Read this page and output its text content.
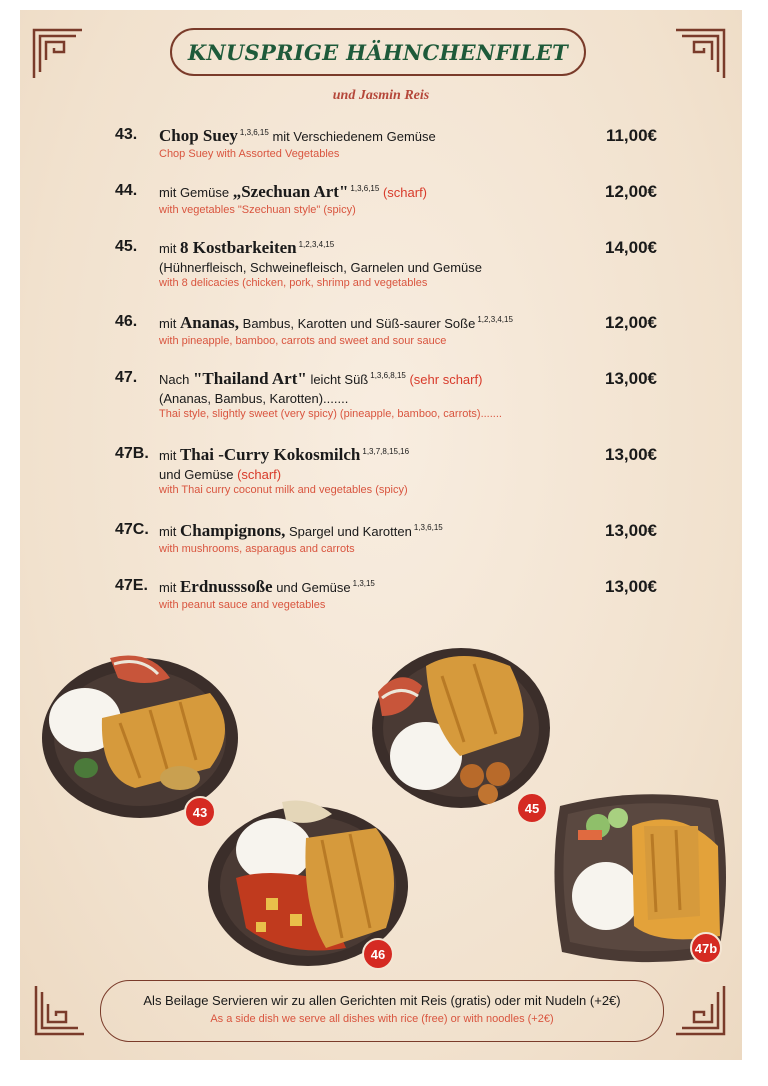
KNUSPRIGE HÄHNCHENFILET
und Jasmin Reis
43. Chop Suey $^{1,3,6,15}$ mit Verschiedenem Gemüse
Chop Suey with Assorted Vegetables
11,00€
44. mit Gemüse „Szechuan Art" $^{1,3,6,15}$ (scharf)
with vegetables "Szechuan style" (spicy)
12,00€
45. mit 8 Kostbarkeiten $^{1,2,3,4,15}$
(Hühnerfleisch, Schweinefleisch, Garnelen und Gemüse
with 8 delicacies (chicken, pork, shrimp and vegetables
14,00€
46. mit Ananas, Bambus, Karotten und Süß-saurer Soße $^{1,2,3,4,15}$
with pineapple, bamboo, carrots and sweet and sour sauce
12,00€
47. Nach "Thailand Art" leicht Süß $^{1,3,6,8,15}$ (sehr scharf)
(Ananas, Bambus, Karotten).......
Thai style, slightly sweet (very spicy) (pineapple, bamboo, carrots).......
13,00€
47B. mit Thai -Curry Kokosmilch $^{1,3,7,8,15,16}$
und Gemüse (scharf)
with Thai curry coconut milk and vegetables (spicy)
13,00€
47C. mit Champignons, Spargel und Karotten $^{1,3,6,15}$
with mushrooms, asparagus and carrots
13,00€
47E. mit Erdnusssoße und Gemüse $^{1,3,15}$
with peanut sauce and vegetables
13,00€
43	45
46	47b
Als Beilage Servieren wir zu allen Gerichten mit Reis (gratis) oder mit Nudeln (+2€)
As a side dish we serve all dishes with rice (free) or with noodles (+2€)
